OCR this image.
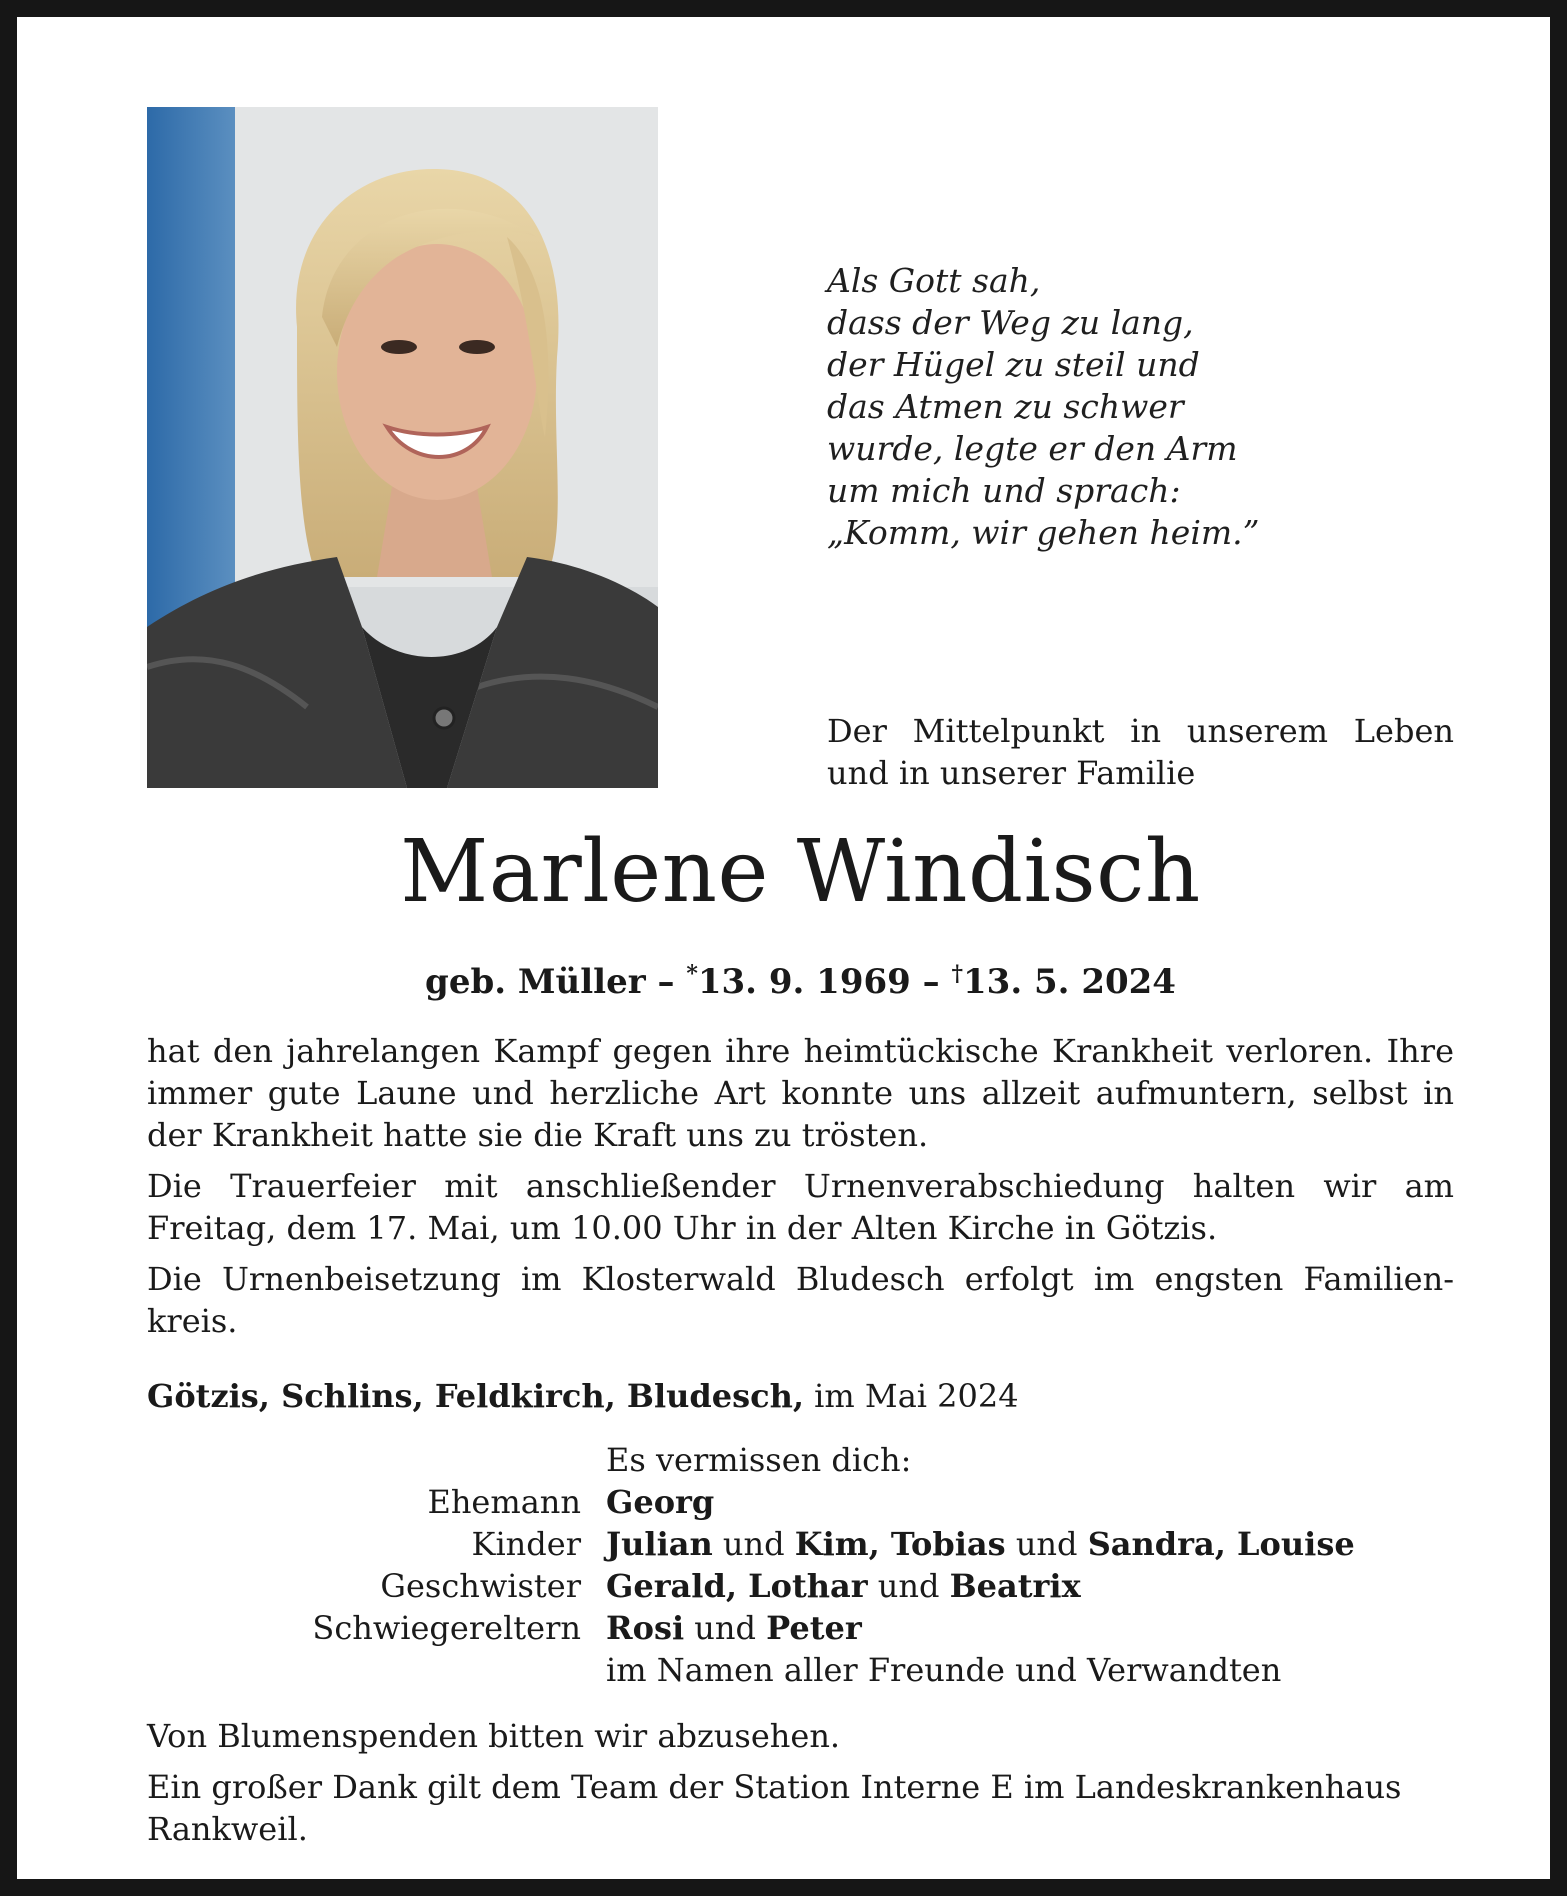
Als Gott sah,
dass der Weg zu lang,
der Hügel zu steil und
das Atmen zu schwer
wurde, legte er den Arm
um mich und sprach:
„Komm, wir gehen heim.”
Der Mittelpunkt in unserem Leben und in unserer Familie
Marlene Windisch
geb. Müller – *13. 9. 1969 – †13. 5. 2024

hat den jahrelangen Kampf gegen ihre heimtückische Krankheit verloren. Ihre immer gute Laune und herzliche Art konnte uns allzeit aufmuntern, selbst in der Krankheit hatte sie die Kraft uns zu trösten.

Die Trauerfeier mit anschließender Urnenverabschiedung halten wir am Freitag, dem 17. Mai, um 10.00 Uhr in der Alten Kirche in Götzis.

Die Urnenbeisetzung im Klosterwald Bludesch erfolgt im engsten Familien-kreis.

Götzis, Schlins, Feldkirch, Bludesch, im Mai 2024
Es vermissen dich:
Ehemann Georg
Kinder Julian und Kim, Tobias und Sandra, Louise
Geschwister Gerald, Lothar und Beatrix
Schwiegereltern Rosi und Peter
im Namen aller Freunde und Verwandten

Von Blumenspenden bitten wir abzusehen.

Ein großer Dank gilt dem Team der Station Interne E im Landeskrankenhaus Rankweil.
